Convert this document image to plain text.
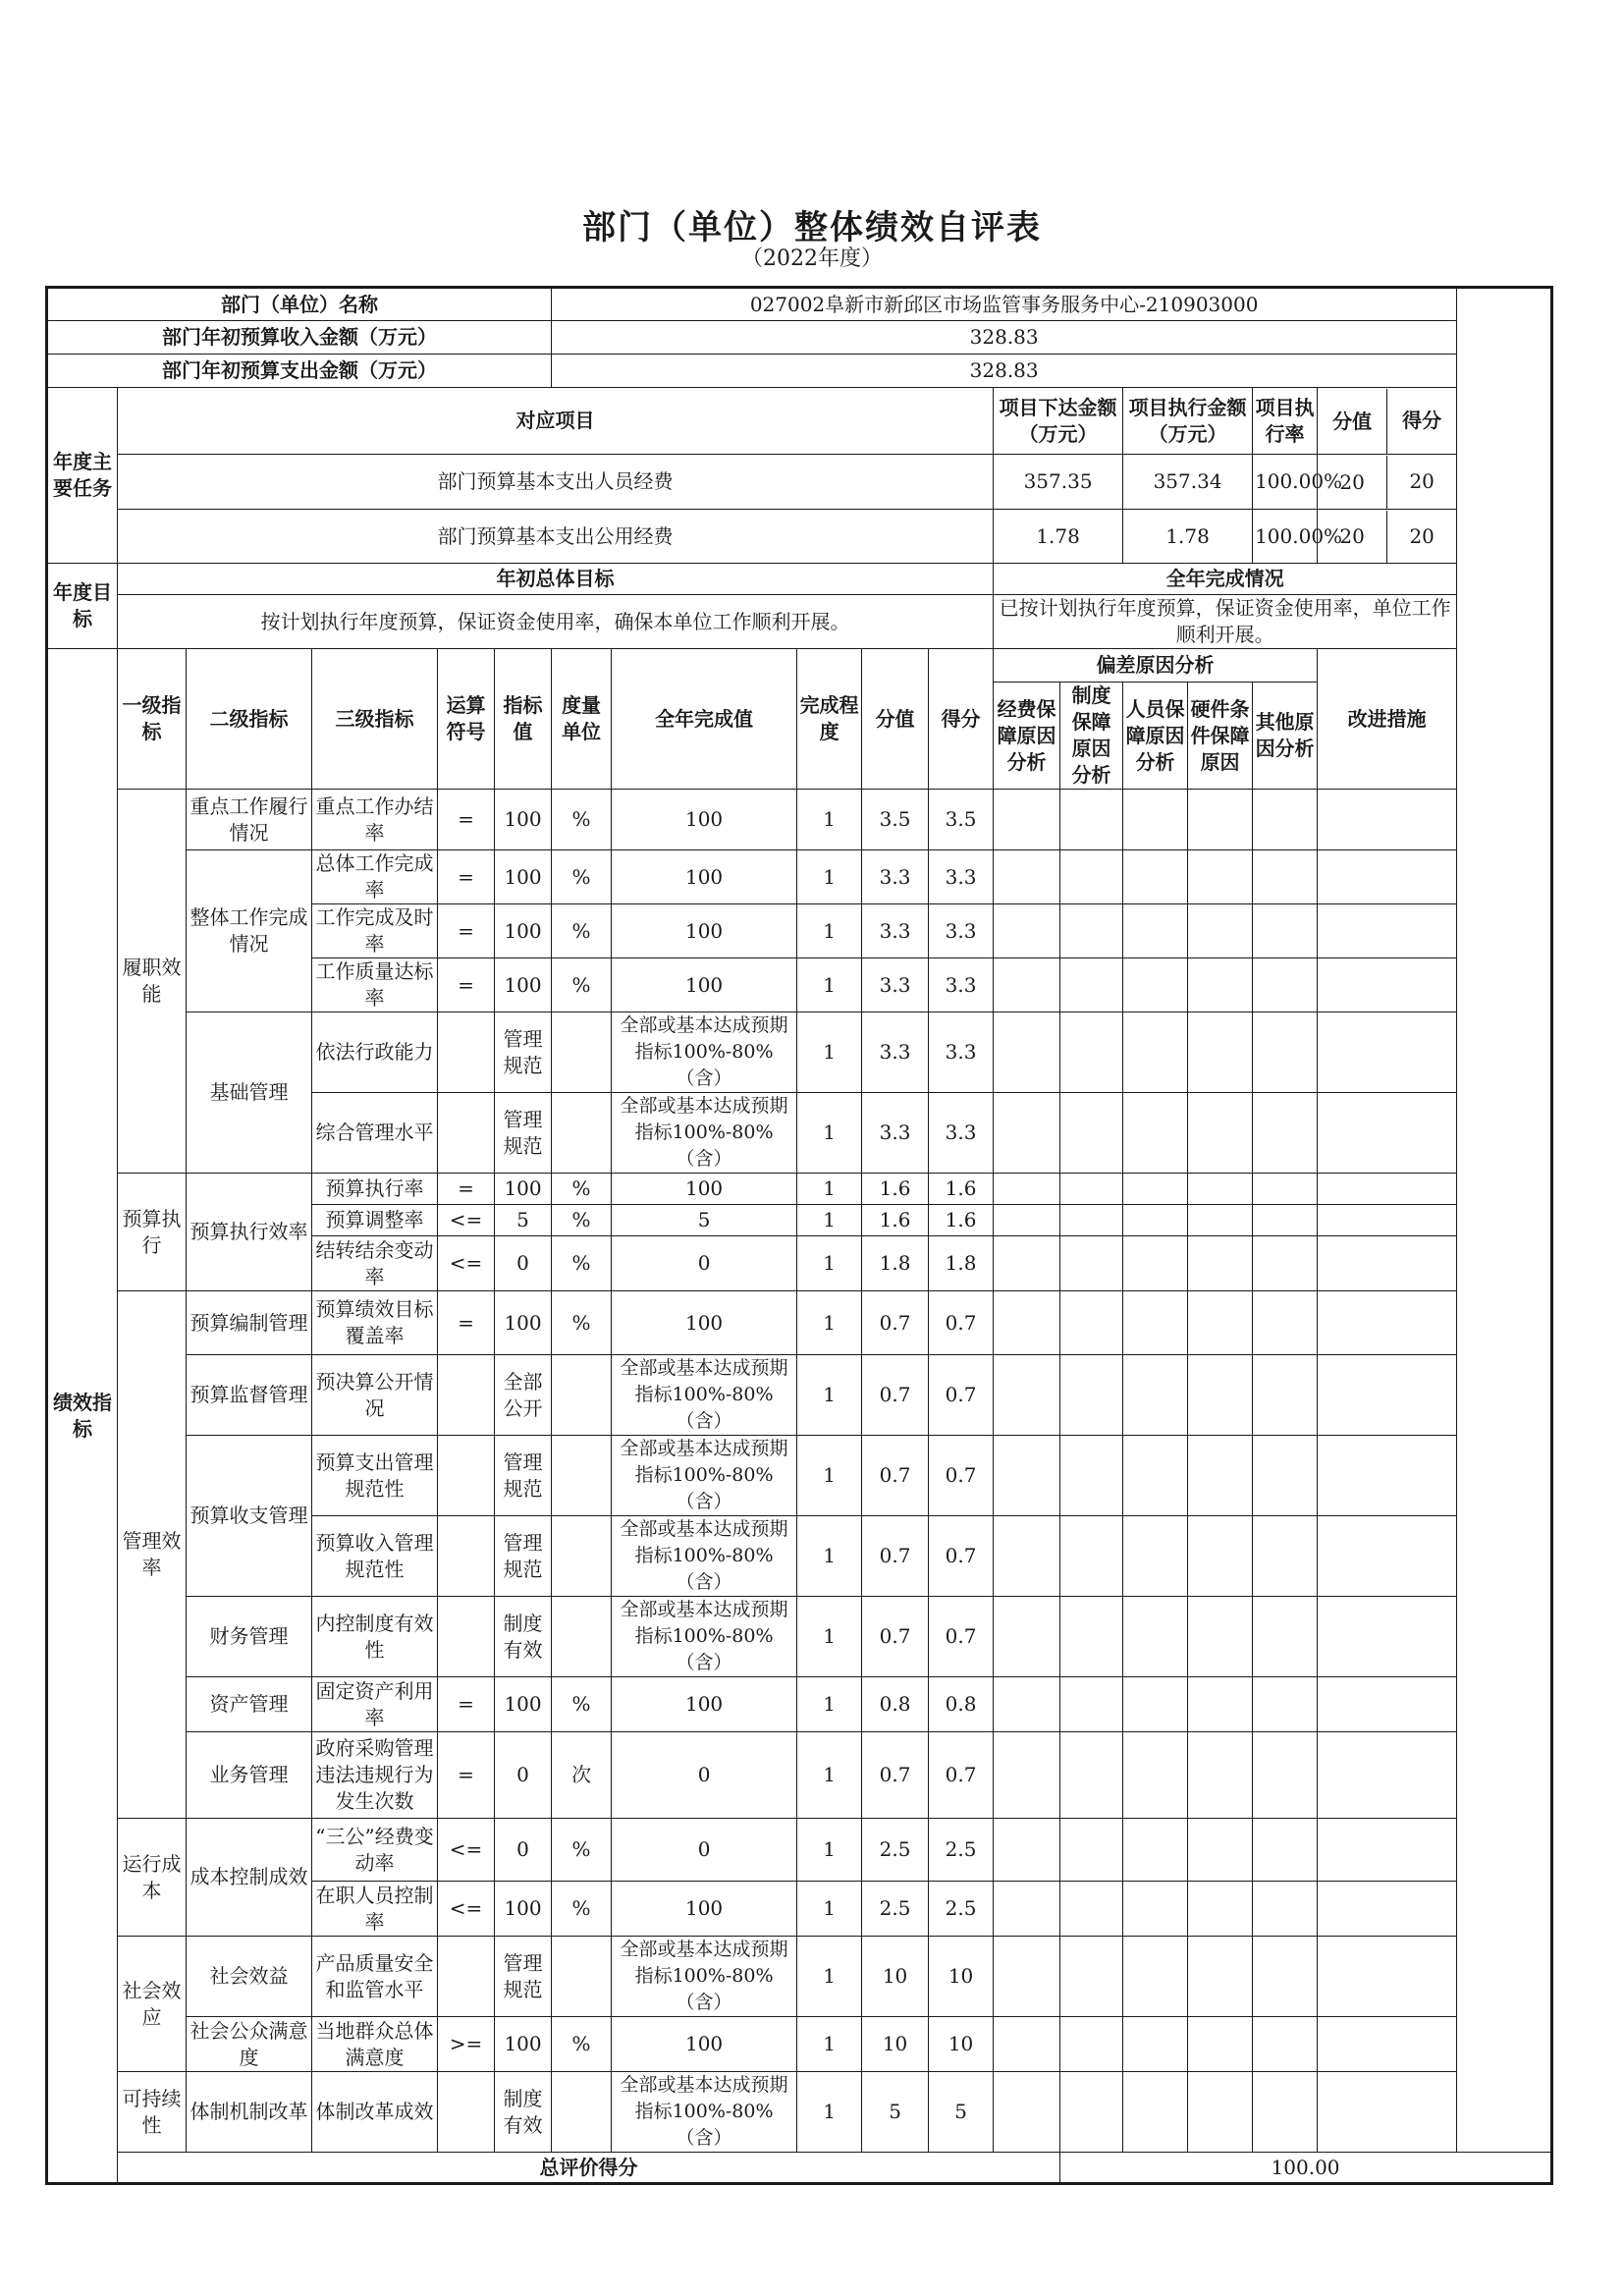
部门（单位）整体绩效自评表
（2022年度）
部门（单位）名称						027002阜新市新邱区市场监管事务服务中心-210903000										
部门年初预算收入金额（万元）						328.83										
部门年初预算支出金额（万元）						328.83										
年度主要任务	对应项目										项目下达金额（万元）		项目执行金额（万元）		项目执行率	分值 得分

	部门预算基本支出人员经费										357.35		357.34		100.00%	20 20

	部门预算基本支出公用经费										1.78		1.78		100.00%	20 20

年度目标	年初总体目标										全年完成情况					
	按计划执行年度预算，保证资金使用率，确保本单位工作顺利开展。										已按计划执行年度预算，保证资金使用率，单位工作顺利开展。					
绩效指标	一级指标	二级指标	三级指标	运算符号	指标值	度量单位	全年完成值	完成程度	分值	得分	偏差原因分析					改进措施
											经费保障原因分析	制度保障原因分析	人员保障原因分析	硬件条件保障原因	其他原因分析	
	履职效能	重点工作履行情况	重点工作办结率	=	100	%	100	1	3.5	3.5						
		整体工作完成情况	总体工作完成率	=	100	%	100	1	3.3	3.3						
			工作完成及时率	=	100	%	100	1	3.3	3.3						
			工作质量达标率	=	100	%	100	1	3.3	3.3						
		基础管理	依法行政能力		管理规范		全部或基本达成预期指标100%-80%（含）	1	3.3	3.3						
			综合管理水平		管理规范		全部或基本达成预期指标100%-80%（含）	1	3.3	3.3						
	预算执行	预算执行效率	预算执行率	=	100	%	100	1	1.6	1.6						
			预算调整率	<=	5	%	5	1	1.6	1.6						
			结转结余变动率	<=	0	%	0	1	1.8	1.8						
	管理效率	预算编制管理	预算绩效目标覆盖率	=	100	%	100	1	0.7	0.7						
		预算监督管理	预决算公开情况		全部公开		全部或基本达成预期指标100%-80%（含）	1	0.7	0.7						
		预算收支管理	预算支出管理规范性		管理规范		全部或基本达成预期指标100%-80%（含）	1	0.7	0.7						
			预算收入管理规范性		管理规范		全部或基本达成预期指标100%-80%（含）	1	0.7	0.7						
		财务管理	内控制度有效性		制度有效		全部或基本达成预期指标100%-80%（含）	1	0.7	0.7						
		资产管理	固定资产利用率	=	100	%	100	1	0.8	0.8						
		业务管理	政府采购管理违法违规行为发生次数	=	0	次	0	1	0.7	0.7						
	运行成本	成本控制成效	“三公”经费变动率	<=	0	%	0	1	2.5	2.5						
			在职人员控制率	<=	100	%	100	1	2.5	2.5						
	社会效应	社会效益	产品质量安全和监管水平		管理规范		全部或基本达成预期指标100%-80%（含）	1	10	10						
		社会公众满意度	当地群众总体满意度	>=	100	%	100	1	10	10						
	可持续性	体制机制改革	体制改革成效		制度有效		全部或基本达成预期指标100%-80%（含）	1	5	5						
	总评价得分											100.00				
